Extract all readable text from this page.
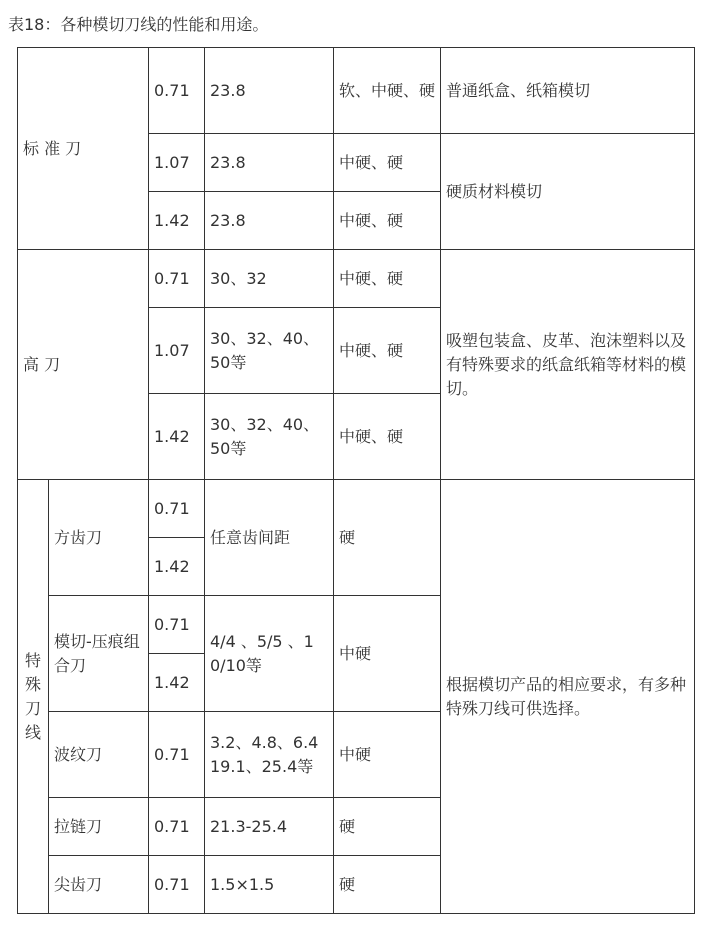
表18：各种模切刀线的性能和用途。
标 准 刀		0.71	23.8	软、中硬、硬	普通纸盒、纸箱模切
		1.07	23.8	中硬、硬	硬质材料模切
		1.42	23.8	中硬、硬	
高 刀		0.71	30、32	中硬、硬	吸塑包装盒、皮革、泡沫塑料以及有特殊要求的纸盒纸箱等材料的模切。
		1.07	30、32、40、50等	中硬、硬	
		1.42	30、32、40、50等	中硬、硬	
特殊刀线	方齿刀	0.71	任意齿间距	硬	根据模切产品的相应要求，有多种特殊刀线可供选择。
		1.42			
	模切-压痕组合刀	0.71	4/4 、5/5 、10/10等	中硬	
		1.42			
	波纹刀	0.71	3.2、4.8、6.4 19.1、25.4等	中硬	
	拉链刀	0.71	21.3-25.4	硬	
	尖齿刀	0.71	1.5×1.5	硬	
